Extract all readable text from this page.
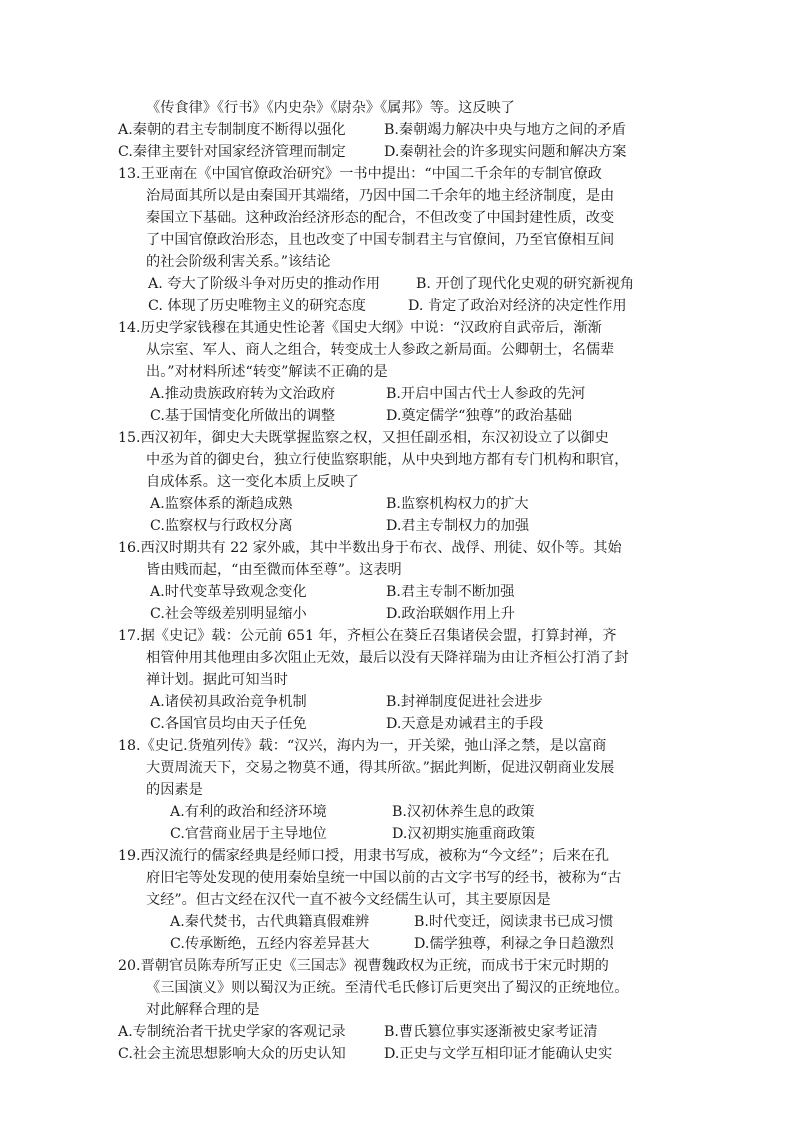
《传食律》《行书》《内史杂》《尉杂》《属邦》等。这反映了
A.秦朝的君主专制制度不断得以强化	B.秦朝竭力解决中央与地方之间的矛盾
C.秦律主要针对国家经济管理而制定	D.秦朝社会的许多现实问题和解决方案
13.王亚南在《中国官僚政治研究》一书中提出：“中国二千余年的专制官僚政
治局面其所以是由秦国开其端绪，乃因中国二千余年的地主经济制度，是由
秦国立下基础。这种政治经济形态的配合，不但改变了中国封建性质，改变
了中国官僚政治形态，且也改变了中国专制君主与官僚间，乃至官僚相互间
的社会阶级利害关系。”该结论
A. 夸大了阶级斗争对历史的推动作用	B. 开创了现代化史观的研究新视角
C. 体现了历史唯物主义的研究态度	D. 肯定了政治对经济的决定性作用
14.历史学家钱穆在其通史性论著《国史大纲》中说：“汉政府自武帝后，渐渐
从宗室、军人、商人之组合，转变成士人参政之新局面。公卿朝士，名儒辈
出。”对材料所述“转变”解读不正确的是
A.推动贵族政府转为文治政府	B.开启中国古代士人参政的先河
C.基于国情变化所做出的调整	D.奠定儒学“独尊”的政治基础
15.西汉初年，御史大夫既掌握监察之权，又担任副丞相，东汉初设立了以御史
中丞为首的御史台，独立行使监察职能，从中央到地方都有专门机构和职官，
自成体系。这一变化本质上反映了
A.监察体系的渐趋成熟	B.监察机构权力的扩大
C.监察权与行政权分离	D.君主专制权力的加强
16.西汉时期共有 22 家外戚，其中半数出身于布衣、战俘、刑徒、奴仆等。其始
皆由贱而起，“由至微而体至尊”。这表明
A.时代变革导致观念变化	B.君主专制不断加强
C.社会等级差别明显缩小	D.政治联姻作用上升
17.据《史记》载：公元前 651 年，齐桓公在葵丘召集诸侯会盟，打算封禅，齐
相管仲用其他理由多次阻止无效，最后以没有天降祥瑞为由让齐桓公打消了封
禅计划。据此可知当时
A.诸侯初具政治竞争机制	B.封禅制度促进社会进步
C.各国官员均由天子任免	D.天意是劝诫君主的手段
18.《史记.货殖列传》载：“汉兴，海内为一，开关梁，弛山泽之禁，是以富商
大贾周流天下，交易之物莫不通，得其所欲。”据此判断，促进汉朝商业发展
的因素是
A.有利的政治和经济环境	B.汉初休养生息的政策
C.官营商业居于主导地位	D.汉初期实施重商政策
19.西汉流行的儒家经典是经师口授，用隶书写成，被称为“今文经”；后来在孔
府旧宅等处发现的使用秦始皇统一中国以前的古文字书写的经书，被称为“古
文经”。但古文经在汉代一直不被今文经儒生认可，其主要原因是
A.秦代焚书，古代典籍真假难辨	B.时代变迁，阅读隶书已成习惯
C.传承断绝，五经内容差异甚大	D.儒学独尊，利禄之争日趋激烈
20.晋朝官员陈寿所写正史《三国志》视曹魏政权为正统，而成书于宋元时期的
《三国演义》则以蜀汉为正统。至清代毛氏修订后更突出了蜀汉的正统地位。
对此解释合理的是
A.专制统治者干扰史学家的客观记录	B.曹氏篡位事实逐渐被史家考证清
C.社会主流思想影响大众的历史认知	D.正史与文学互相印证才能确认史实
